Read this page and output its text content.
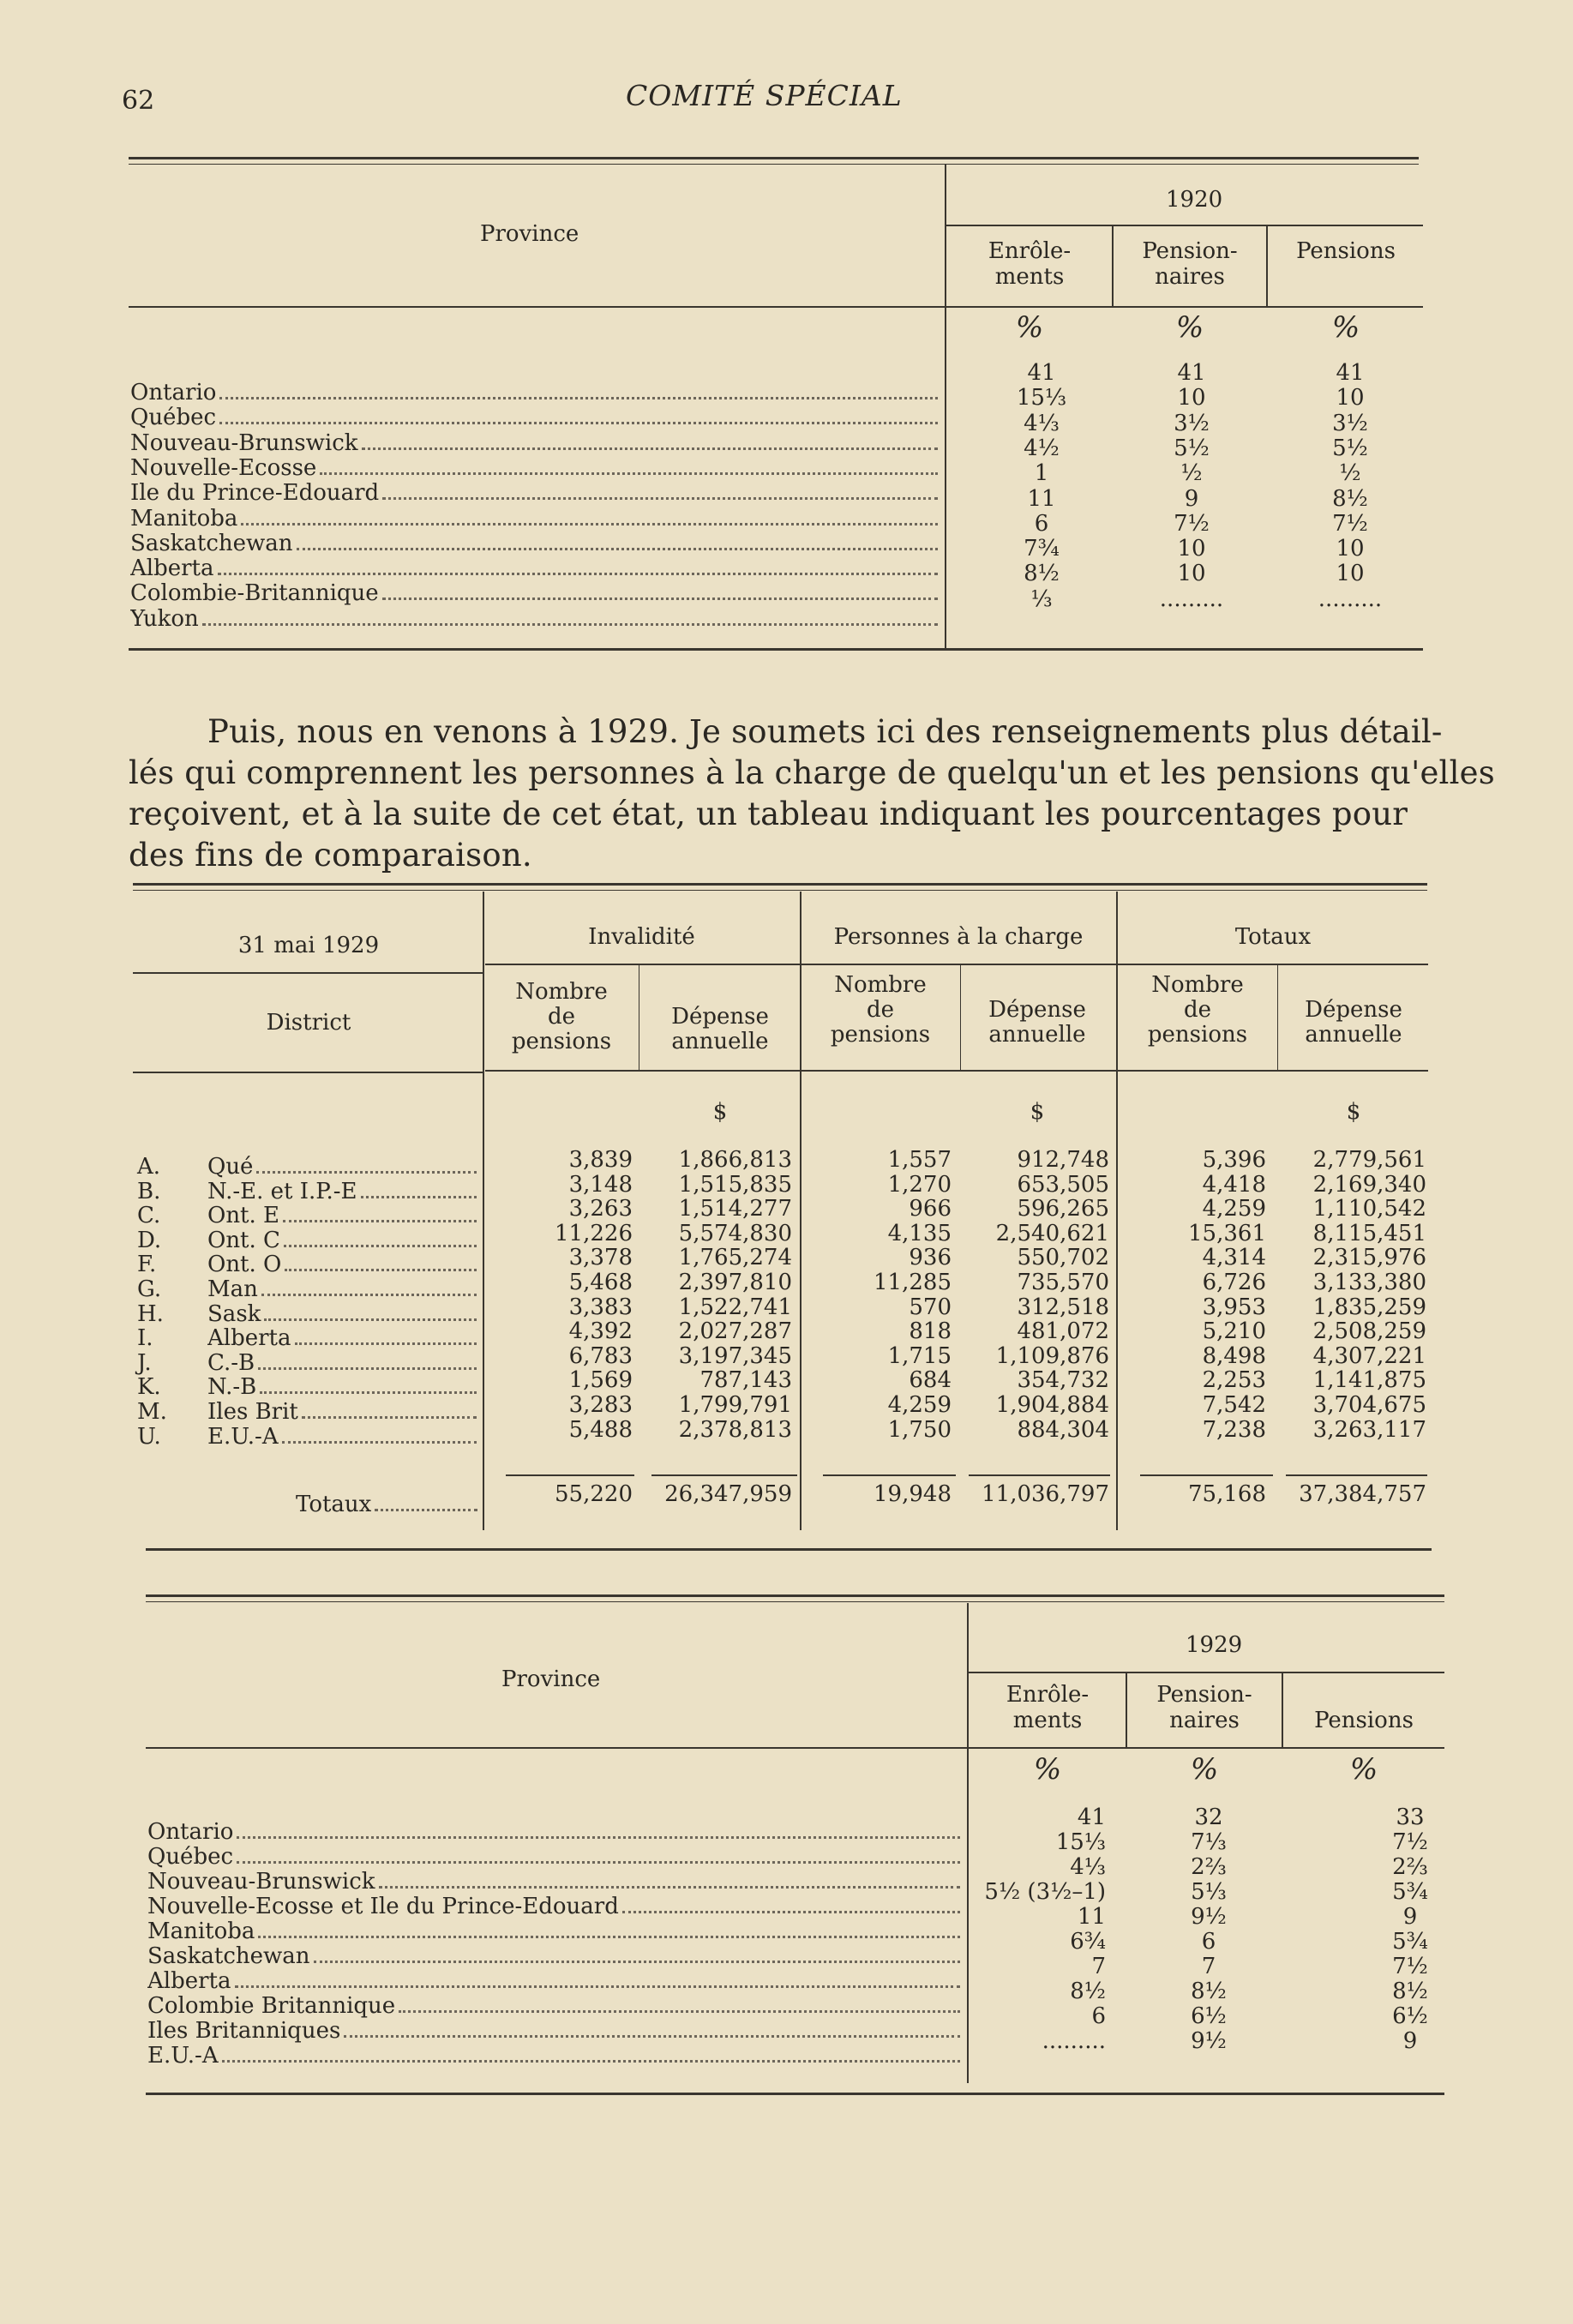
62	COMITÉ SPÉCIAL
Province
1920
Enrôle-
ments
Pension-
naires
Pensions
%	%	%
Ontario
41	41	41
Québec
15⅓	10	10
Nouveau-Brunswick
4⅓	3½	3½
Nouvelle-Ecosse
4½	5½	5½
Ile du Prince-Edouard
1	½	½
Manitoba
11	9	8½
Saskatchewan
6	7½	7½
Alberta
7¾	10	10
Colombie-Britannique
8½	10	10
Yukon
⅓	.........	.........
Puis, nous en venons à 1929. Je soumets ici des renseignements plus détail-
lés qui comprennent les personnes à la charge de quelqu'un et les pensions qu'elles
reçoivent, et à la suite de cet état, un tableau indiquant les pourcentages pour
des fins de comparaison.
31 mai 1929	Invalidité	Personnes à la charge	Totaux
District
Nombre
de
pensions
Dépense
annuelle
Nombre
de
pensions
Dépense
annuelle
Nombre
de
pensions
Dépense
annuelle
$	$	$
A. Qué	3,839	1,866,813	1,557	912,748	5,396	2,779,561
B. N.-E. et I.P.-E	3,148	1,515,835	1,270	653,505	4,418	2,169,340
C. Ont. E	3,263	1,514,277	966	596,265	4,259	1,110,542
D. Ont. C	11,226	5,574,830	4,135	2,540,621	15,361	8,115,451
F. Ont. O	3,378	1,765,274	936	550,702	4,314	2,315,976
G. Man	5,468	2,397,810	11,285	735,570	6,726	3,133,380
H. Sask	3,383	1,522,741	570	312,518	3,953	1,835,259
I. Alberta	4,392	2,027,287	818	481,072	5,210	2,508,259
J.	C.-B	6,783	3,197,345	1,715	1,109,876	8,498	4,307,221
K. N.-B	1,569	787,143	684	354,732	2,253	1,141,875
M. Iles Brit	3,283	1,799,791	4,259	1,904,884	7,542	3,704,675
U. E.U.-A	5,488	2,378,813	1,750	884,304	7,238	3,263,117
Totaux	55,220	26,347,959	19,948	11,036,797	75,168	37,384,757
Province
1929
Enrôle-
ments
Pension-
naires	Pensions
%	%	%
Ontario
41	32	33
Québec
15⅓	7⅓	7½
Nouveau-Brunswick
4⅓	2⅔	2⅔
Nouvelle-Ecosse et Ile du Prince-Edouard
5½ (3½–1)	5⅓	5¾
Manitoba
11	9½	9
Saskatchewan
6¾	6	5¾
Alberta
7	7	7½
Colombie Britannique
8½	8½	8½
Iles Britanniques
6	6½	6½
E.U.-A
.........	9½	9
